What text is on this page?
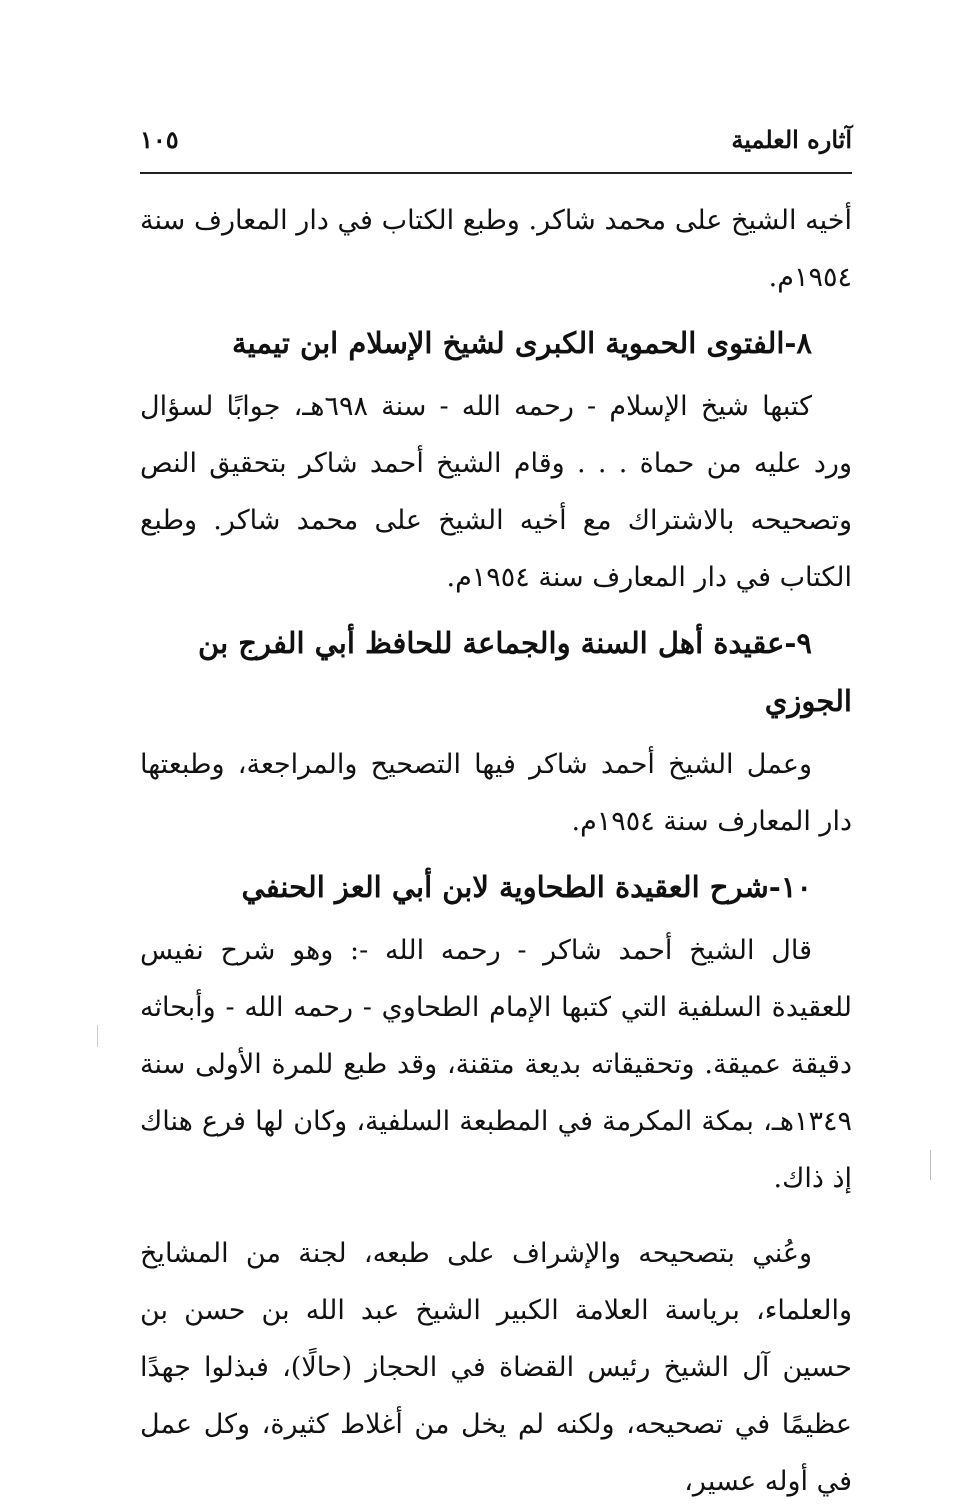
آثاره العلمية
١٠٥

أخيه الشيخ على محمد شاكر. وطبع الكتاب في دار المعارف سنة ١٩٥٤م.

٨-الفتوى الحموية الكبرى لشيخ الإسلام ابن تيمية

كتبها شيخ الإسلام - رحمه الله - سنة ٦٩٨هـ، جوابًا لسؤال ورد عليه من حماة . . . وقام الشيخ أحمد شاكر بتحقيق النص وتصحيحه بالاشتراك مع أخيه الشيخ على محمد شاكر. وطبع الكتاب في دار المعارف سنة ١٩٥٤م.

٩-عقيدة أهل السنة والجماعة للحافظ أبي الفرج بن الجوزي

وعمل الشيخ أحمد شاكر فيها التصحيح والمراجعة، وطبعتها دار المعارف سنة ١٩٥٤م.

١٠-شرح العقيدة الطحاوية لابن أبي العز الحنفي

قال الشيخ أحمد شاكر - رحمه الله -: وهو شرح نفيس للعقيدة السلفية التي كتبها الإمام الطحاوي - رحمه الله - وأبحاثه دقيقة عميقة. وتحقيقاته بديعة متقنة، وقد طبع للمرة الأولى سنة ١٣٤٩هـ، بمكة المكرمة في المطبعة السلفية، وكان لها فرع هناك إذ ذاك.

وعُني بتصحيحه والإشراف على طبعه، لجنة من المشايخ والعلماء، برياسة العلامة الكبير الشيخ عبد الله بن حسن بن حسين آل الشيخ رئيس القضاة في الحجاز (حالًا)، فبذلوا جهدًا عظيمًا في تصحيحه، ولكنه لم يخل من أغلاط كثيرة، وكل عمل في أوله عسير،
